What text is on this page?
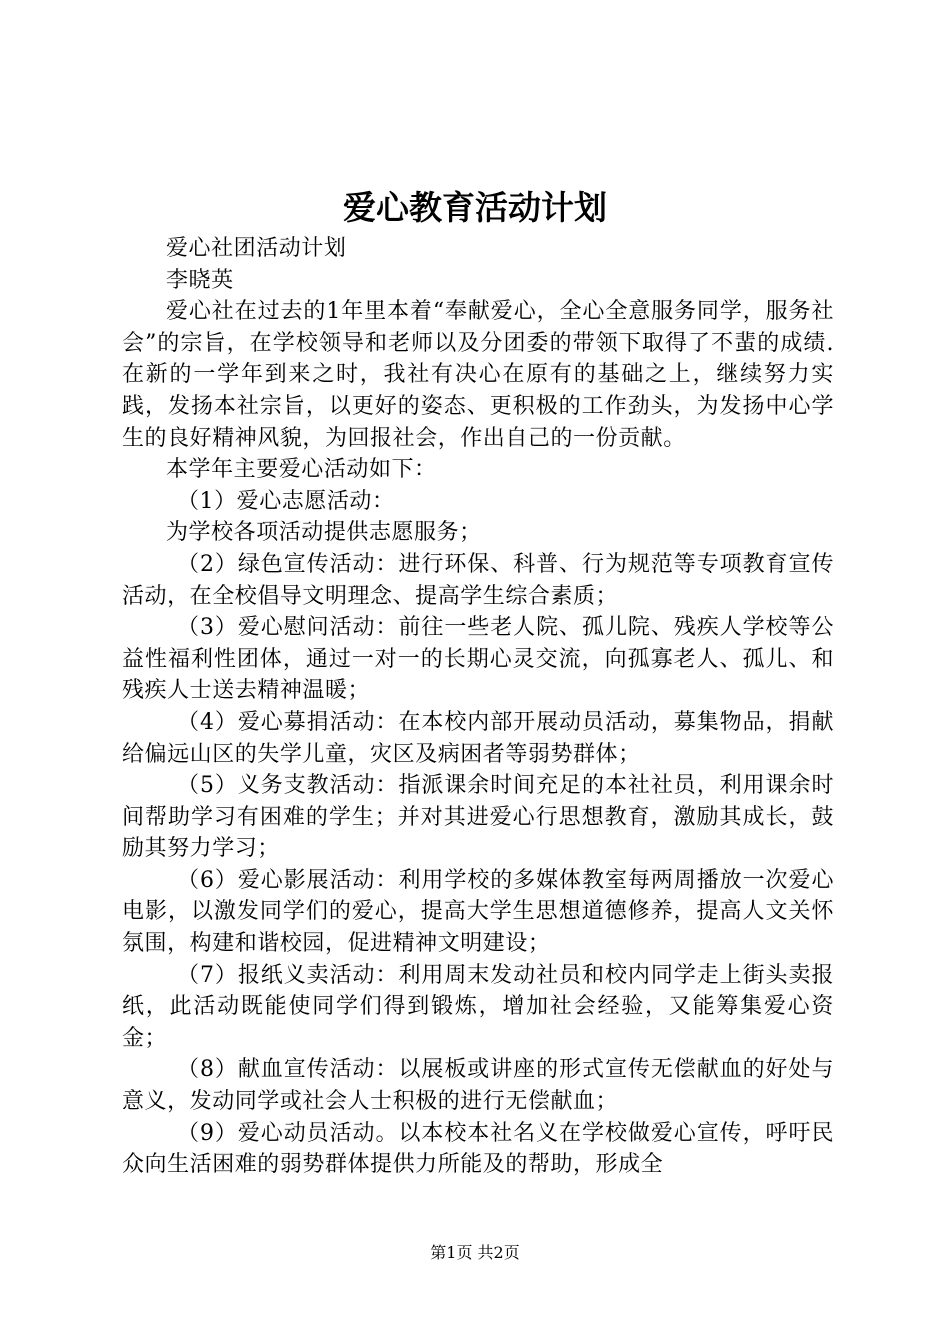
爱心教育活动计划

爱心社团活动计划

李晓英

爱心社在过去的1年里本着“奉献爱心，全心全意服务同学，服务社会”的宗旨，在学校领导和老师以及分团委的带领下取得了不蜚的成绩.在新的一学年到来之时，我社有决心在原有的基础之上，继续努力实践，发扬本社宗旨，以更好的姿态、更积极的工作劲头，为发扬中心学生的良好精神风貌，为回报社会，作出自己的一份贡献。

本学年主要爱心活动如下：

（1）爱心志愿活动：

为学校各项活动提供志愿服务；

（2）绿色宣传活动：进行环保、科普、行为规范等专项教育宣传活动，在全校倡导文明理念、提高学生综合素质；

（3）爱心慰问活动：前往一些老人院、孤儿院、残疾人学校等公益性福利性团体，通过一对一的长期心灵交流，向孤寡老人、孤儿、和残疾人士送去精神温暖；

（4）爱心募捐活动：在本校内部开展动员活动，募集物品，捐献给偏远山区的失学儿童，灾区及病困者等弱势群体；

（5）义务支教活动：指派课余时间充足的本社社员，利用课余时间帮助学习有困难的学生；并对其进爱心行思想教育，激励其成长，鼓励其努力学习；

（6）爱心影展活动：利用学校的多媒体教室每两周播放一次爱心电影，以激发同学们的爱心，提高大学生思想道德修养，提高人文关怀氛围，构建和谐校园，促进精神文明建设；

（7）报纸义卖活动：利用周末发动社员和校内同学走上街头卖报纸，此活动既能使同学们得到锻炼，增加社会经验，又能筹集爱心资金；

（8）献血宣传活动：以展板或讲座的形式宣传无偿献血的好处与意义，发动同学或社会人士积极的进行无偿献血；

（9）爱心动员活动。以本校本社名义在学校做爱心宣传，呼吁民众向生活困难的弱势群体提供力所能及的帮助，形成全

第1页 共2页
